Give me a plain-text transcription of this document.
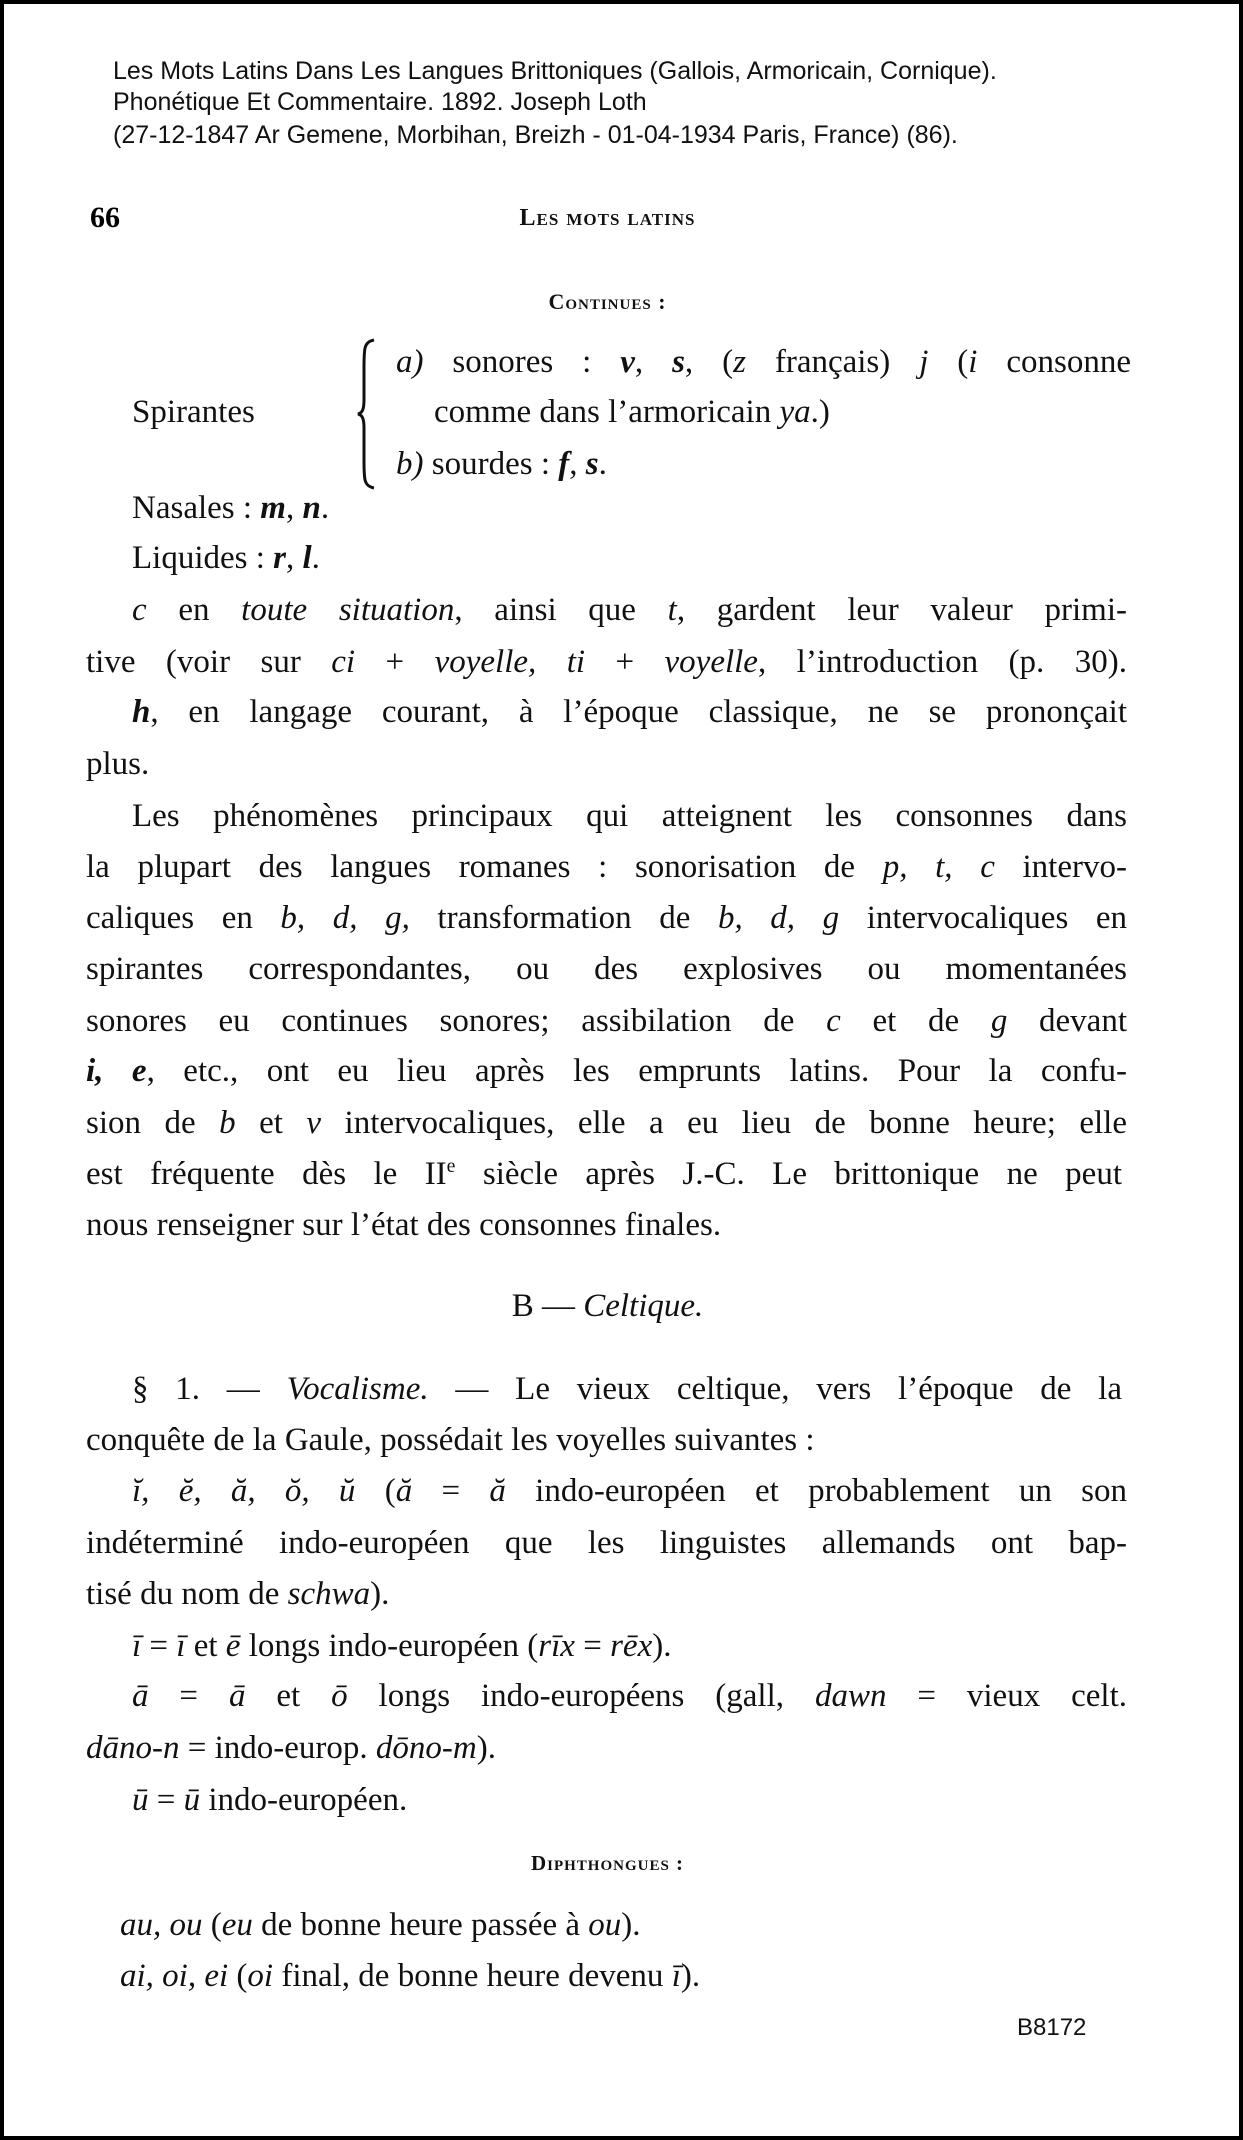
Les Mots Latins Dans Les Langues Brittoniques (Gallois, Armoricain, Cornique).
Phonétique Et Commentaire. 1892. Joseph Loth
(27-12-1847 Ar Gemene, Morbihan, Breizh - 01-04-1934 Paris, France) (86).
66	Les mots latins
Continues :
Spirantes
a) sonores : v, s, (z français) j (i consonne
comme dans l’armoricain ya.)
b) sourdes : f, s.
Nasales : m, n.
Liquides : r, l.
c en toute situation, ainsi que t, gardent leur valeur primi-
tive (voir sur ci + voyelle, ti + voyelle, l’introduction (p. 30).
h, en langage courant, à l’époque classique, ne se prononçait
plus.
Les phénomènes principaux qui atteignent les consonnes dans
la plupart des langues romanes : sonorisation de p, t, c intervo-
caliques en b, d, g, transformation de b, d, g intervocaliques en
spirantes correspondantes, ou des explosives ou momentanées
sonores eu continues sonores; assibilation de c et de g devant
i, e, etc., ont eu lieu après les emprunts latins. Pour la confu-
sion de b et v intervocaliques, elle a eu lieu de bonne heure; elle
est fréquente dès le IIe siècle après J.-C. Le brittonique ne peut
nous renseigner sur l’état des consonnes finales.
B — Celtique.
§ 1. — Vocalisme. — Le vieux celtique, vers l’époque de la
conquête de la Gaule, possédait les voyelles suivantes :
ĭ, ĕ, ă, ŏ, ŭ (ă = ă indo-européen et probablement un son
indéterminé indo-européen que les linguistes allemands ont bap-
tisé du nom de schwa).
ī = ī et ē longs indo-européen (rīx = rēx).
ā = ā et ō longs indo-européens (gall, dawn = vieux celt.
dāno-n = indo-europ. dōno-m).
ū = ū indo-européen.
Diphthongues :
au, ou (eu de bonne heure passée à ou).
ai, oi, ei (oi final, de bonne heure devenu ī).
B8172
